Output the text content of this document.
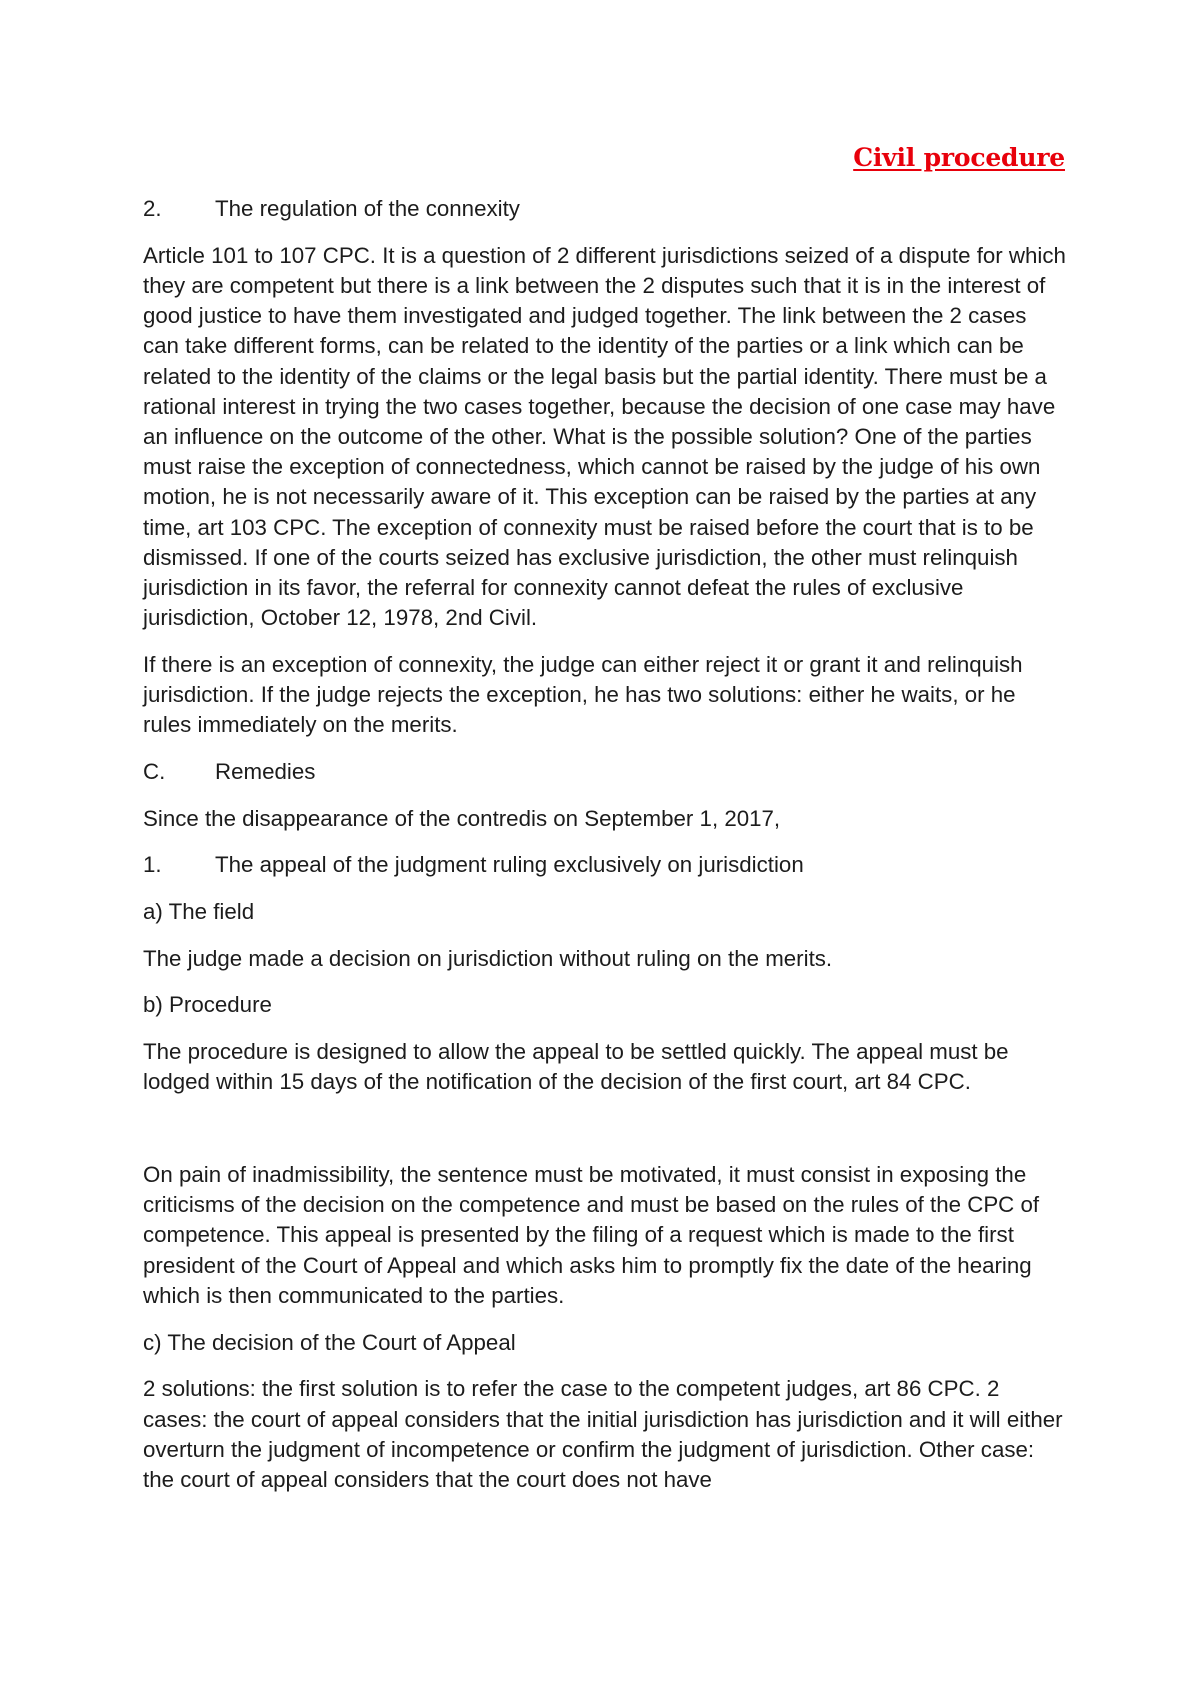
Civil procedure

2.	The regulation of the connexity

Article 101 to 107 CPC. It is a question of 2 different jurisdictions seized of a dispute for which they are competent but there is a link between the 2 disputes such that it is in the interest of good justice to have them investigated and judged together. The link between the 2 cases can take different forms, can be related to the identity of the parties or a link which can be related to the identity of the claims or the legal basis but the partial identity. There must be a rational interest in trying the two cases together, because the decision of one case may have an influence on the outcome of the other. What is the possible solution? One of the parties must raise the exception of connectedness, which cannot be raised by the judge of his own motion, he is not necessarily aware of it. This exception can be raised by the parties at any time, art 103 CPC. The exception of connexity must be raised before the court that is to be dismissed. If one of the courts seized has exclusive jurisdiction, the other must relinquish jurisdiction in its favor, the referral for connexity cannot defeat the rules of exclusive jurisdiction, October 12, 1978, 2nd Civil.

If there is an exception of connexity, the judge can either reject it or grant it and relinquish jurisdiction. If the judge rejects the exception, he has two solutions: either he waits, or he rules immediately on the merits.

C.	Remedies

Since the disappearance of the contredis on September 1, 2017,

1.	The appeal of the judgment ruling exclusively on jurisdiction

a) The field

The judge made a decision on jurisdiction without ruling on the merits.

b) Procedure

The procedure is designed to allow the appeal to be settled quickly. The appeal must be lodged within 15 days of the notification of the decision of the first court, art 84 CPC.

On pain of inadmissibility, the sentence must be motivated, it must consist in exposing the criticisms of the decision on the competence and must be based on the rules of the CPC of competence. This appeal is presented by the filing of a request which is made to the first president of the Court of Appeal and which asks him to promptly fix the date of the hearing which is then communicated to the parties.

c) The decision of the Court of Appeal

2 solutions: the first solution is to refer the case to the competent judges, art 86 CPC. 2 cases: the court of appeal considers that the initial jurisdiction has jurisdiction and it will either overturn the judgment of incompetence or confirm the judgment of jurisdiction. Other case: the court of appeal considers that the court does not have
